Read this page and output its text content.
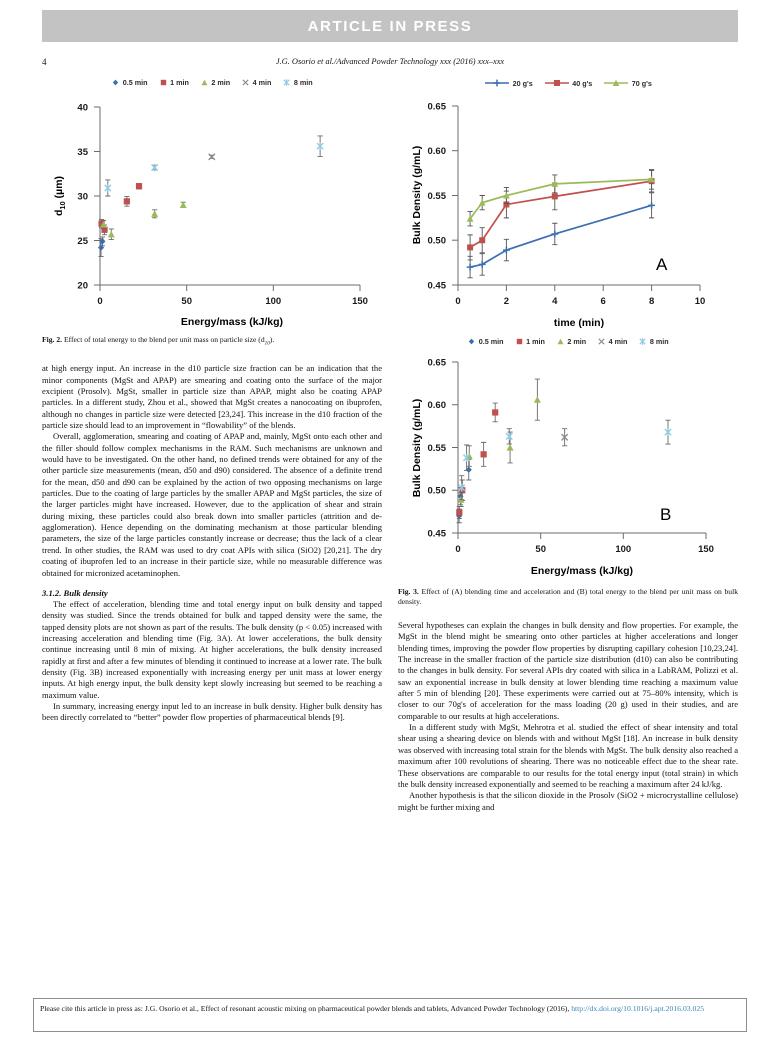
ARTICLE IN PRESS
4	J.G. Osorio et al./Advanced Powder Technology xxx (2016) xxx–xxx
0.5 min	1 min	2 min	4 min	8 min
40
35
30
25
20
0	50	100	150
Energy/mass (kJ/kg)
$d_{10}$ (µm)
Fig. 2. Effect of total energy to the blend per unit mass on particle size $(d_{10})$.

at high energy input. An increase in the d10 particle size fraction can be an indication that the minor components (MgSt and APAP) are smearing and coating onto the surface of the major excipient (Prosolv). MgSt, smaller in particle size than APAP, might also be coating APAP particles. In a different study, Zhou et al., showed that MgSt creates a nanocoating on ibuprofen, although no changes in particle size were detected [23,24]. This increase in the d10 fraction of the particle size should lead to an improvement in “flowability” of the blends.

Overall, agglomeration, smearing and coating of APAP and, mainly, MgSt onto each other and the filler should follow complex mechanisms in the RAM. Such mechanisms are unknown and would have to be investigated. On the other hand, no defined trends were obtained for any of the other particle size measurements (mean, d50 and d90) considered. The absence of a definite trend for the mean, d50 and d90 can be explained by the action of two opposing mechanisms on large particles. Due to the coating of large particles by the smaller APAP and MgSt particles, the size of the larger particles might have increased. However, due to the application of shear and strain during mixing, these particles could also break down into smaller particles (attrition and de-agglomeration). Hence depending on the dominating mechanism at those particular blending parameters, the size of the large particles constantly increase or decrease; thus the lack of a clear trend. In other studies, the RAM was used to dry coat APIs with silica (SiO2) [20,21]. The dry coating of ibuprofen led to an increase in their particle size, while no measurable difference was obtained for micronized acetaminophen.

3.1.2. Bulk density

The effect of acceleration, blending time and total energy input on bulk density and tapped density was studied. Since the trends obtained for bulk and tapped density were the same, the tapped density plots are not shown as part of the results. The bulk density (p < 0.05) increased with increasing acceleration and blending time (Fig. 3A). At lower accelerations, the bulk density continue increasing until 8 min of mixing. At higher accelerations, the bulk density increased rapidly at first and after a few minutes of blending it continued to increase at a lower rate. The bulk density (Fig. 3B) increased exponentially with increasing energy per unit mass at lower energy inputs. At high energy input, the bulk density kept slowly increasing but seemed to be reaching a maximum value.

In summary, increasing energy input led to an increase in bulk density. Higher bulk density has been directly correlated to “better” powder flow properties of pharmaceutical blends [9].

20 g's	40 g's	70 g's
0.65
0.60
0.55
0.50
0.45
0	2	4	6	8	10
time (min)
Bulk Density (g/mL)
A
0.5 min	1 min	2 min	4 min	8 min
0.65
0.60
0.55
0.50
0.45
0	50	100	150
Energy/mass (kJ/kg)
Bulk Density (g/mL)
B
Fig. 3. Effect of (A) blending time and acceleration and (B) total energy to the blend per unit mass on bulk density.

Several hypotheses can explain the changes in bulk density and flow properties. For example, the MgSt in the blend might be smearing onto other particles at higher accelerations and longer blending times, improving the powder flow properties by disrupting capillary cohesion [10,23,24]. The increase in the smaller fraction of the particle size distribution (d10) can also be contributing to the changes in bulk density. For several APIs dry coated with silica in a LabRAM, Polizzi et al. saw an exponential increase in bulk density at lower blending time reaching a maximum value after 5 min of blending [20]. These experiments were carried out at 75–80% intensity, which is closer to our 70g's of acceleration for the mass loading (20 g) used in their studies, and are comparable to our results at high accelerations.

In a different study with MgSt, Mehrotra et al. studied the effect of shear intensity and total shear using a shearing device on blends with and without MgSt [18]. An increase in bulk density was observed with increasing total strain for the blends with MgSt. The bulk density also reached a maximum after 100 revolutions of shearing. There was no noticeable effect due to the shear rate. These observations are comparable to our results for the total energy input (total strain) in which the bulk density increased exponentially and seemed to be reaching a maximum after 24 kJ/kg.

Another hypothesis is that the silicon dioxide in the Prosolv (SiO2 + microcrystalline cellulose) might be further mixing and

Please cite this article in press as: J.G. Osorio et al., Effect of resonant acoustic mixing on pharmaceutical powder blends and tablets, Advanced Powder Technology (2016), http://dx.doi.org/10.1016/j.apt.2016.03.025
